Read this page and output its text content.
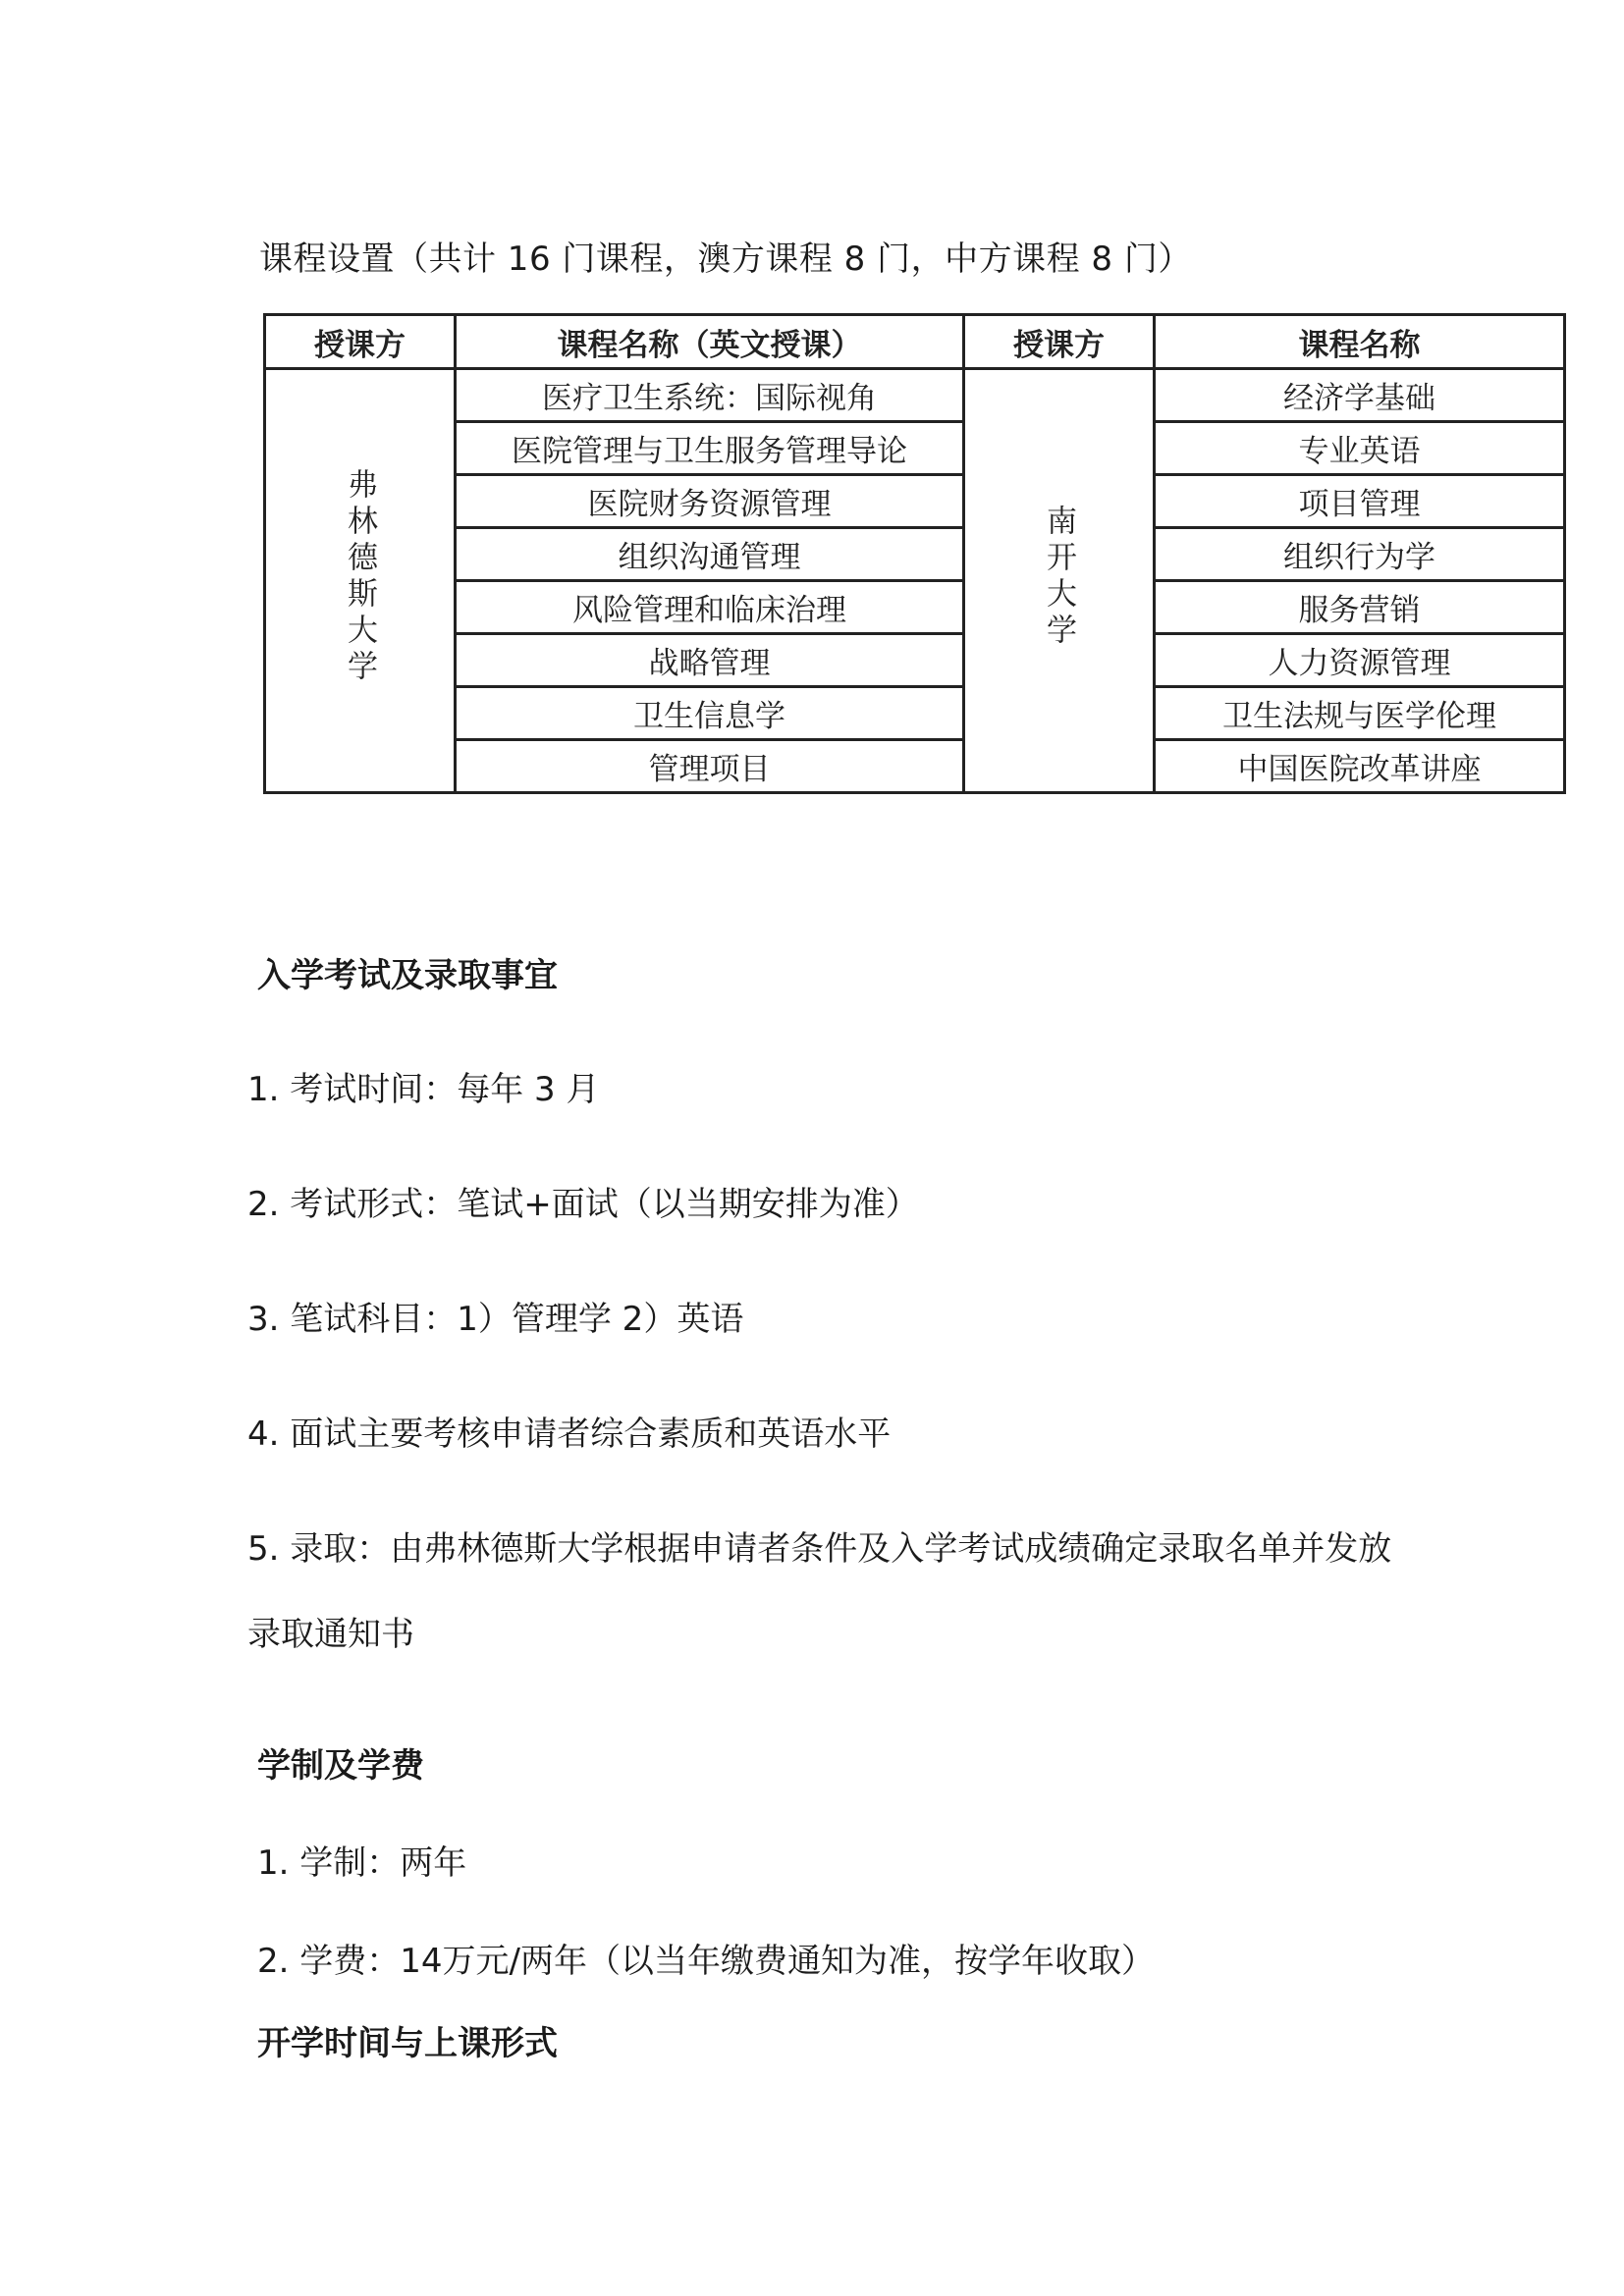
课程设置（共计 16 门课程，澳方课程 8 门，中方课程 8 门）
授课方	课程名称（英文授课）	授课方	课程名称
弗林德斯大学	医疗卫生系统：国际视角	南开大学	经济学基础
	医院管理与卫生服务管理导论		专业英语
	医院财务资源管理		项目管理
	组织沟通管理		组织行为学
	风险管理和临床治理		服务营销
	战略管理		人力资源管理
	卫生信息学		卫生法规与医学伦理
	管理项目		中国医院改革讲座
入学考试及录取事宜
1. 考试时间：每年 3 月
2. 考试形式：笔试+面试（以当期安排为准）
3. 笔试科目：1）管理学 2）英语
4. 面试主要考核申请者综合素质和英语水平
5. 录取：由弗林德斯大学根据申请者条件及入学考试成绩确定录取名单并发放
录取通知书
学制及学费
1. 学制：两年
2. 学费：14万元/两年（以当年缴费通知为准，按学年收取）
开学时间与上课形式
